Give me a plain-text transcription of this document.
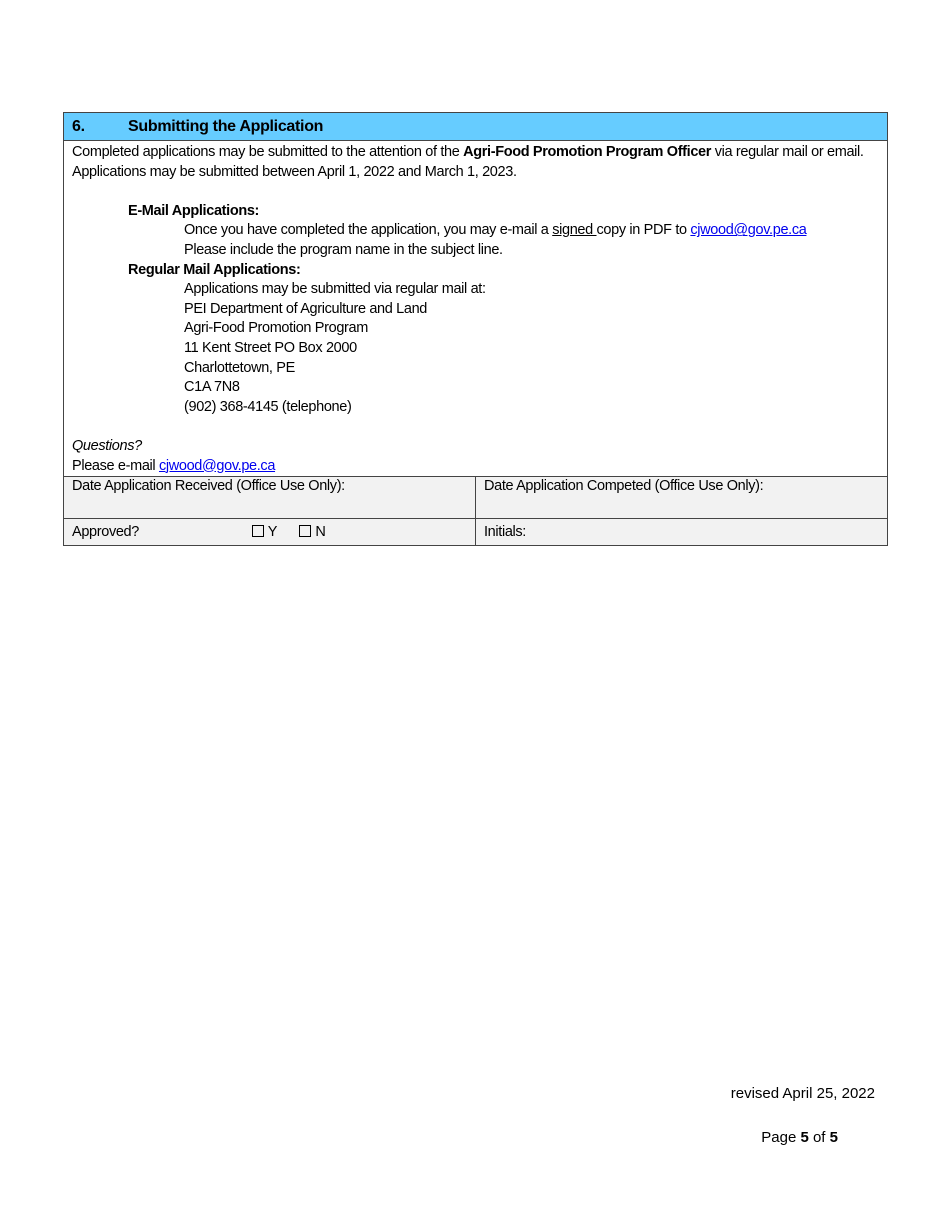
6.	Submitting the Application
Completed applications may be submitted to the attention of the Agri-Food Promotion Program Officer via regular mail or email.
Applications may be submitted between April 1, 2022 and March 1, 2023.
E-Mail Applications:
Once you have completed the application, you may e-mail a signed copy in PDF to cjwood@gov.pe.ca
Please include the program name in the subject line.
Regular Mail Applications:
Applications may be submitted via regular mail at:
PEI Department of Agriculture and Land
Agri-Food Promotion Program
11 Kent Street PO Box 2000
Charlottetown, PE
C1A 7N8
(902) 368-4145 (telephone)
Questions?
Please e-mail cjwood@gov.pe.ca
Date Application Received (Office Use Only):	Date Application Competed (Office Use Only):
Approved?	Y	N	Initials:
revised April 25, 2022
Page 5 of 5
